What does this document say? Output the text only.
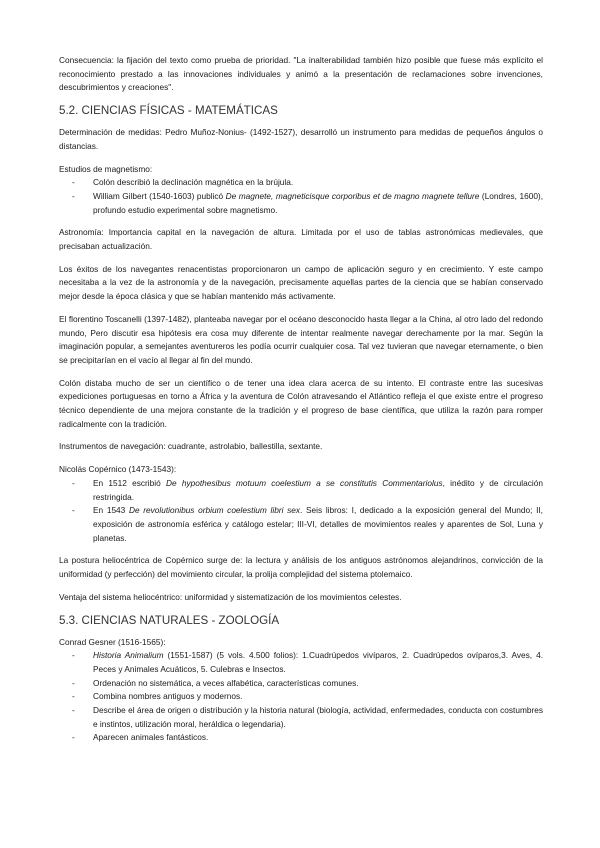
Consecuencia: la fijación del texto como prueba de prioridad. "La inalterabilidad también hizo posible que fuese más explícito el reconocimiento prestado a las innovaciones individuales y animó a la presentación de reclamaciones sobre invenciones, descubrimientos y creaciones".

5.2. CIENCIAS FÍSICAS - MATEMÁTICAS

Determinación de medidas: Pedro Muñoz-Nonius- (1492-1527), desarrolló un instrumento para medidas de pequeños ángulos o distancias.

Estudios de magnetismo:

- Colón describió la declinación magnética en la brújula.
- William Gilbert (1540-1603) publicó De magnete, magneticisque corporibus et de magno magnete tellure (Londres, 1600), profundo estudio experimental sobre magnetismo.

Astronomía: Importancia capital en la navegación de altura. Limitada por el uso de tablas astronómicas medievales, que precisaban actualización.

Los éxitos de los navegantes renacentistas proporcionaron un campo de aplicación seguro y en crecimiento. Y este campo necesitaba a la vez de la astronomía y de la navegación, precisamente aquellas partes de la ciencia que se habían conservado mejor desde la época clásica y que se habían mantenido más activamente.

El florentino Toscanelli (1397-1482), planteaba navegar por el océano desconocido hasta llegar a la China, al otro lado del redondo mundo, Pero discutir esa hipótesis era cosa muy diferente de intentar realmente navegar derechamente por la mar. Según la imaginación popular, a semejantes aventureros les podía ocurrir cualquier cosa. Tal vez tuvieran que navegar eternamente, o bien se precipitarían en el vacío al llegar al fin del mundo.

Colón distaba mucho de ser un científico o de tener una idea clara acerca de su intento. El contraste entre las sucesivas expediciones portuguesas en torno a África y la aventura de Colón atravesando el Atlántico refleja el que existe entre el progreso técnico dependiente de una mejora constante de la tradición y el progreso de base científica, que utiliza la razón para romper radicalmente con la tradición.

Instrumentos de navegación: cuadrante, astrolabio, ballestilla, sextante.

Nicolás Copérnico (1473-1543):

- En 1512 escribió De hypothesibus motuum coelestium a se constitutis Commentariolus, inédito y de circulación restringida.
- En 1543 De revolutionibus orbium coelestium libri sex. Seis libros: I, dedicado a la exposición general del Mundo; II, exposición de astronomía esférica y catálogo estelar; III-VI, detalles de movimientos reales y aparentes de Sol, Luna y planetas.

La postura heliocéntrica de Copérnico surge de: la lectura y análisis de los antiguos astrónomos alejandrinos, convicción de la uniformidad (y perfección) del movimiento circular, la prolija complejidad del sistema ptolemaico.

Ventaja del sistema heliocéntrico: uniformidad y sistematización de los movimientos celestes.

5.3. CIENCIAS NATURALES - ZOOLOGÍA

Conrad Gesner (1516-1565):

- Historia Animalium (1551-1587) (5 vols. 4.500 folios): 1.Cuadrúpedos vivíparos, 2. Cuadrúpedos ovíparos,3. Aves, 4. Peces y Animales Acuáticos, 5. Culebras e Insectos.
- Ordenación no sistemática, a veces alfabética, características comunes.
- Combina nombres antiguos y modernos.
- Describe el área de origen o distribución y la historia natural (biología, actividad, enfermedades, conducta con costumbres e instintos, utilización moral, heráldica o legendaria).
- Aparecen animales fantásticos.
